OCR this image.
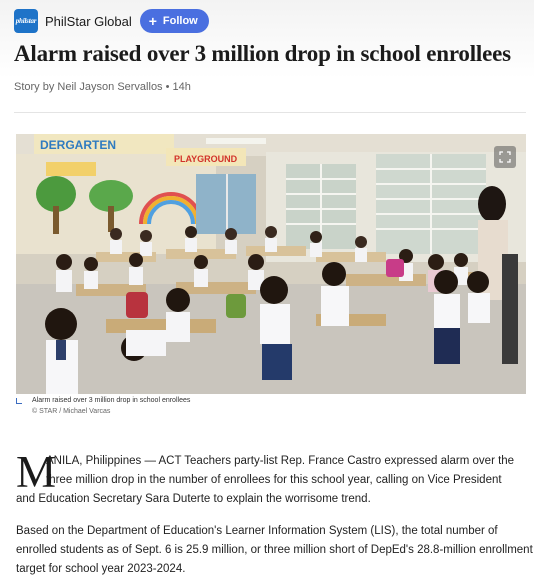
philstar PhilStar Global + Follow
Alarm raised over 3 million drop in school enrollees
Story by Neil Jayson Servallos • 14h
DERGARTEN
PLAYGROUND
Alarm raised over 3 million drop in school enrollees
© STAR / Michael Varcas
M
ANILA, Philippines — ACT Teachers party-list Rep. France Castro expressed alarm over the
three million drop in the number of enrollees for this school year, calling on Vice President
and Education Secretary Sara Duterte to explain the worrisome trend.
Based on the Department of Education's Learner Information System (LIS), the total number of
enrolled students as of Sept. 6 is 25.9 million, or three million short of DepEd's 28.8-million enrollment
target for school year 2023-2024.
